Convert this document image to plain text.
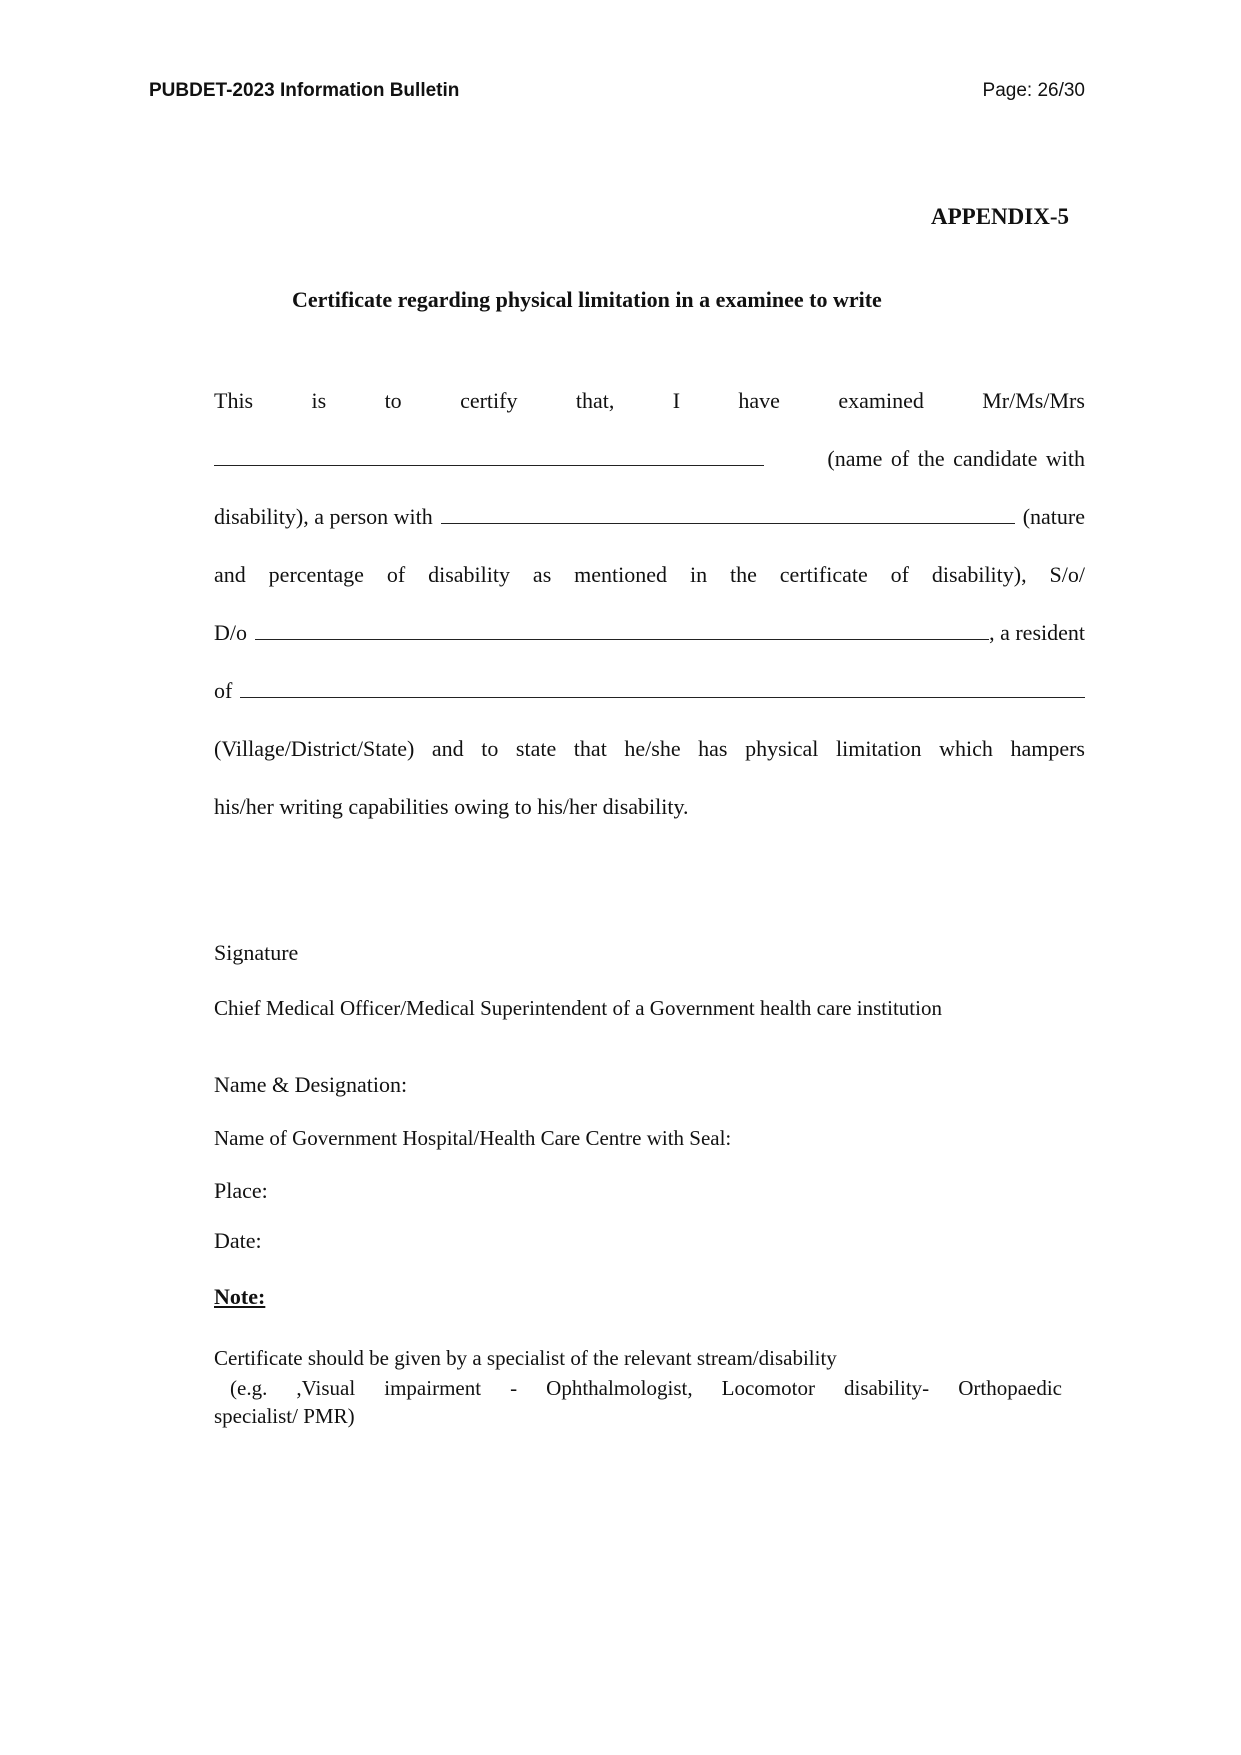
PUBDET-2023 Information Bulletin	Page: 26/30
APPENDIX-5
Certificate regarding physical limitation in a examinee to write
This	is	to	certify	that,	I	have	examined	Mr/Ms/Mrs
(name of the candidate with
disability), a person with	(nature
and percentage of disability as mentioned in the certificate of disability), S/o/
D/o	, a resident
of
(Village/District/State) and to state that he/she has physical limitation which hampers
his/her writing capabilities owing to his/her disability.
Signature
Chief Medical Officer/Medical Superintendent of a Government health care institution
Name & Designation:
Name of Government Hospital/Health Care Centre with Seal:
Place:
Date:
Note:
Certificate should be given by a specialist of the relevant stream/disability
(e.g. ,Visual impairment - Ophthalmologist, Locomotor disability- Orthopaedic
specialist/ PMR)
